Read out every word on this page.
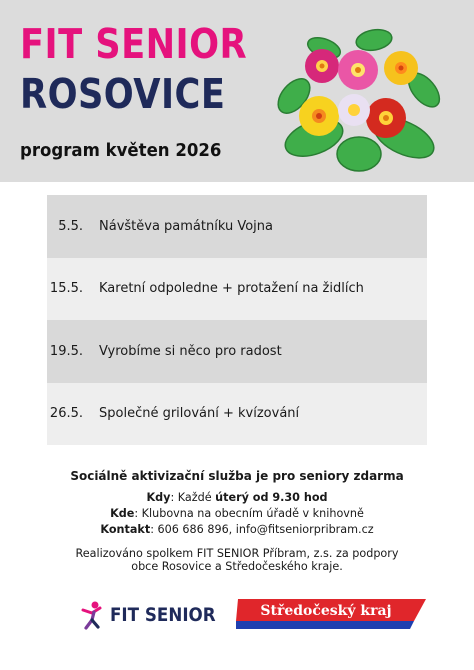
FIT SENIOR
ROSOVICE
program květen 2026
5.5.	Návštěva památníku Vojna
15.5.	Karetní odpoledne + protažení na židlích
19.5.	Vyrobíme si něco pro radost
26.5.	Společné grilování + kvízování
Sociálně aktivizační služba je pro seniory zdarma
Kdy: Každé úterý od 9.30 hod
Kde: Klubovna na obecním úřadě v knihovně
Kontakt: 606 686 896, info@fitseniorpribram.cz
Realizováno spolkem FIT SENIOR Příbram, z.s. za podpory
obce Rosovice a Středočeského kraje.
FIT SENIOR	Středočeský kraj
